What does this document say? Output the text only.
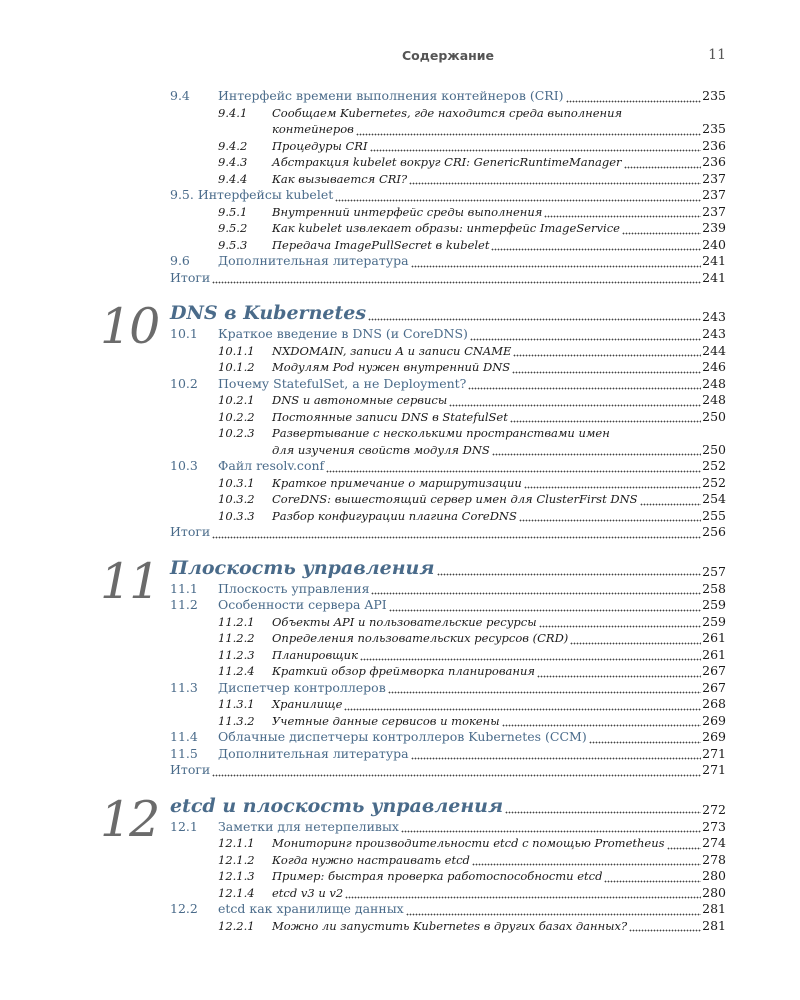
Содержание	11
9.4 Интерфейс времени выполнения контейнеров (CRI)	235
9.4.1 Сообщаем Kubernetes, где находится среда выполнения
контейнеров	235
9.4.2 Процедуры CRI	236
9.4.3 Абстракция kubelet вокруг CRI: GenericRuntimeManager	236
9.4.4 Как вызывается CRI?	237
9.5. Интерфейсы kubelet	237
9.5.1 Внутренний интерфейс среды выполнения	237
9.5.2 Как kubelet извлекает образы: интерфейс ImageService	239
9.5.3 Передача ImagePullSecret в kubelet	240
9.6 Дополнительная литература	241
Итоги	241
10 DNS в Kubernetes	243
10.1 Краткое введение в DNS (и CoreDNS)	243
10.1.1 NXDOMAIN, записи A и записи CNAME	244
10.1.2 Модулям Pod нужен внутренний DNS	246
10.2 Почему StatefulSet, а не Deployment?	248
10.2.1 DNS и автономные сервисы	248
10.2.2 Постоянные записи DNS в StatefulSet	250
10.2.3 Развертывание с несколькими пространствами имен
для изучения свойств модуля DNS	250
10.3 Файл resolv.conf	252
10.3.1 Краткое примечание о маршрутизации	252
10.3.2 CoreDNS: вышестоящий сервер имен для ClusterFirst DNS	254
10.3.3 Разбор конфигурации плагина CoreDNS	255
Итоги	256
11 Плоскость управления	257
11.1 Плоскость управления	258
11.2 Особенности сервера API	259
11.2.1 Объекты API и пользовательские ресурсы	259
11.2.2 Определения пользовательских ресурсов (CRD)	261
11.2.3 Планировщик	261
11.2.4 Краткий обзор фреймворка планирования	267
11.3 Диспетчер контроллеров	267
11.3.1 Хранилище	268
11.3.2 Учетные данные сервисов и токены	269
11.4 Облачные диспетчеры контроллеров Kubernetes (CCM)	269
11.5 Дополнительная литература	271
Итоги	271
12 etcd и плоскость управления	272
12.1 Заметки для нетерпеливых	273
12.1.1 Мониторинг производительности etcd с помощью Prometheus	274
12.1.2 Когда нужно настраивать etcd	278
12.1.3 Пример: быстрая проверка работоспособности etcd	280
12.1.4 etcd v3 и v2	280
12.2 etcd как хранилище данных	281
12.2.1 Можно ли запустить Kubernetes в других базах данных?	281
